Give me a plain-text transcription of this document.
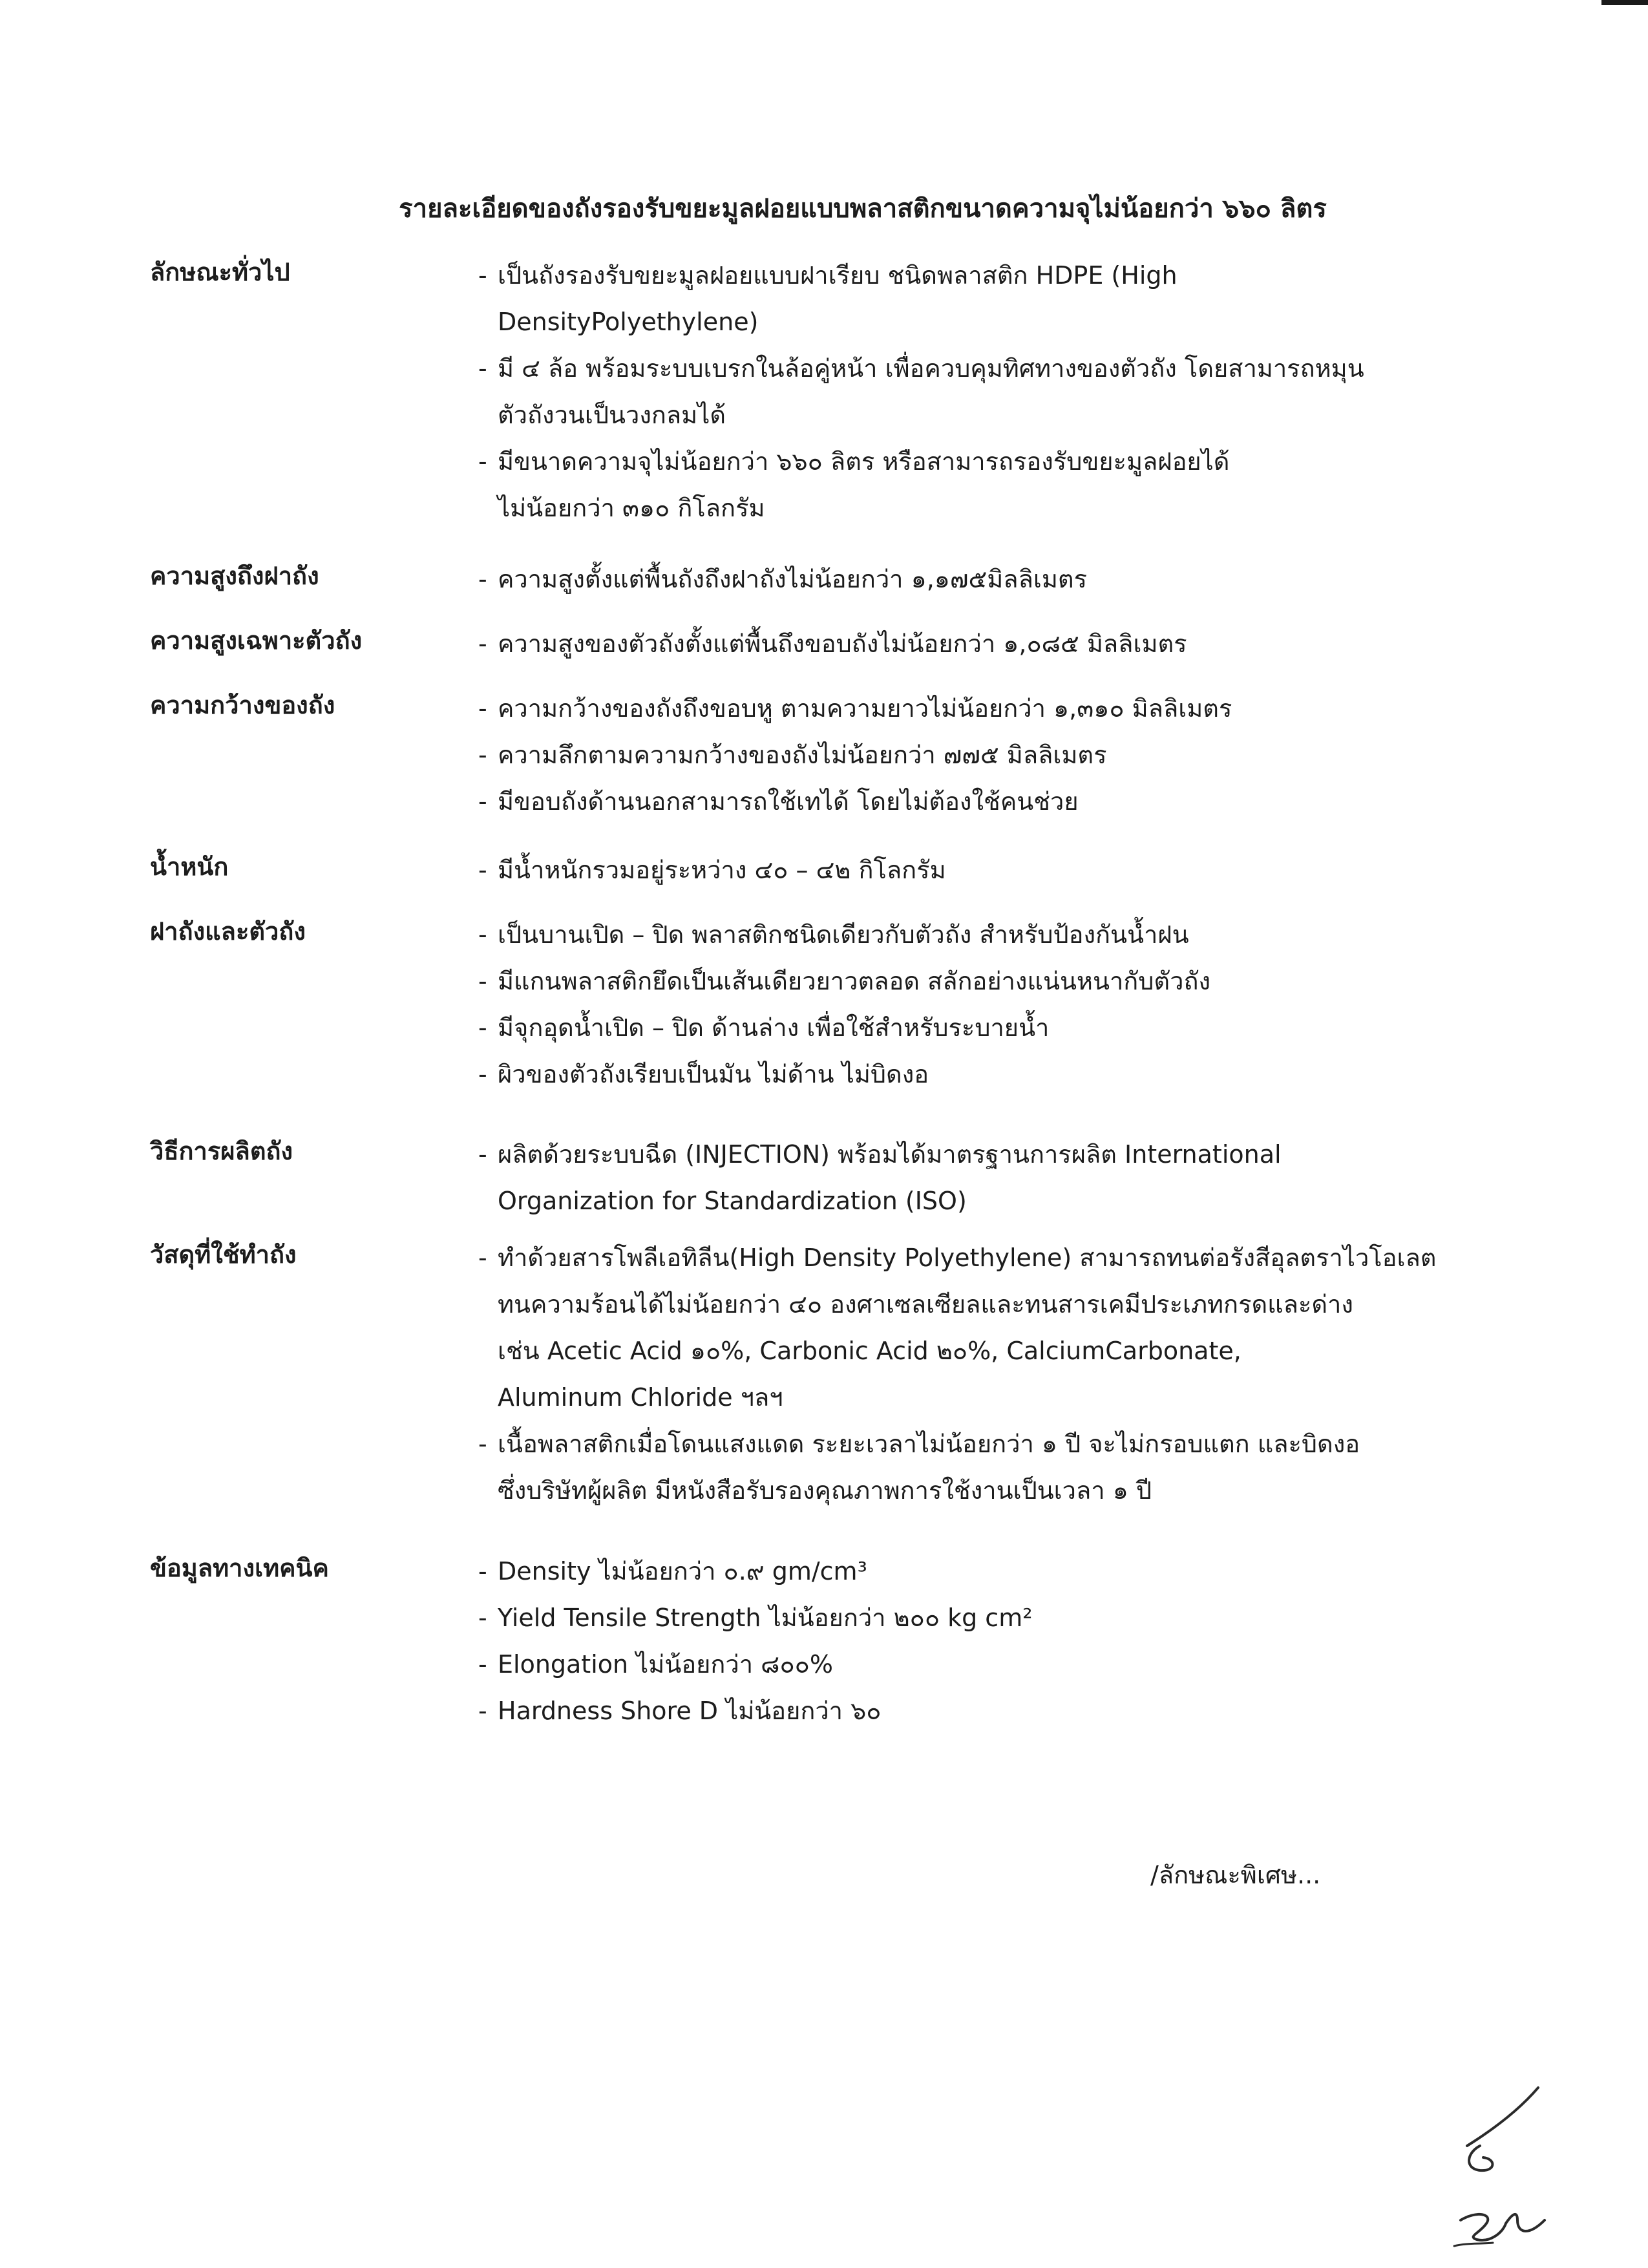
รายละเอียดของถังรองรับขยะมูลฝอยแบบพลาสติกขนาดความจุไม่น้อยกว่า ๖๖๐ ลิตร
ลักษณะทั่วไป	- เป็นถังรองรับขยะมูลฝอยแบบฝาเรียบ ชนิดพลาสติก HDPE (High
DensityPolyethylene)
- มี ๔ ล้อ พร้อมระบบเบรกในล้อคู่หน้า เพื่อควบคุมทิศทางของตัวถัง โดยสามารถหมุน
ตัวถังวนเป็นวงกลมได้
- มีขนาดความจุไม่น้อยกว่า ๖๖๐ ลิตร หรือสามารถรองรับขยะมูลฝอยได้
ไม่น้อยกว่า ๓๑๐ กิโลกรัม
ความสูงถึงฝาถัง	- ความสูงตั้งแต่พื้นถังถึงฝาถังไม่น้อยกว่า ๑,๑๗๕มิลลิเมตร
ความสูงเฉพาะตัวถัง	- ความสูงของตัวถังตั้งแต่พื้นถึงขอบถังไม่น้อยกว่า ๑,๐๘๕ มิลลิเมตร
ความกว้างของถัง	- ความกว้างของถังถึงขอบหู ตามความยาวไม่น้อยกว่า ๑,๓๑๐ มิลลิเมตร
- ความลึกตามความกว้างของถังไม่น้อยกว่า ๗๗๕ มิลลิเมตร
- มีขอบถังด้านนอกสามารถใช้เทได้ โดยไม่ต้องใช้คนช่วย
น้ำหนัก	- มีน้ำหนักรวมอยู่ระหว่าง ๔๐ – ๔๒ กิโลกรัม
ฝาถังและตัวถัง	- เป็นบานเปิด – ปิด พลาสติกชนิดเดียวกับตัวถัง สำหรับป้องกันน้ำฝน
- มีแกนพลาสติกยึดเป็นเส้นเดียวยาวตลอด สลักอย่างแน่นหนากับตัวถัง
- มีจุกอุดน้ำเปิด – ปิด ด้านล่าง เพื่อใช้สำหรับระบายน้ำ
- ผิวของตัวถังเรียบเป็นมัน ไม่ด้าน ไม่บิดงอ
วิธีการผลิตถัง	- ผลิตด้วยระบบฉีด (INJECTION) พร้อมได้มาตรฐานการผลิต International
Organization for Standardization (ISO)
วัสดุที่ใช้ทำถัง	- ทำด้วยสารโพลีเอทิลีน(High Density Polyethylene) สามารถทนต่อรังสีอุลตราไวโอเลต
ทนความร้อนได้ไม่น้อยกว่า ๔๐ องศาเซลเซียลและทนสารเคมีประเภทกรดและด่าง
เช่น Acetic Acid ๑๐%, Carbonic Acid ๒๐%, CalciumCarbonate,
Aluminum Chloride ฯลฯ
- เนื้อพลาสติกเมื่อโดนแสงแดด ระยะเวลาไม่น้อยกว่า ๑ ปี จะไม่กรอบแตก และบิดงอ
ซึ่งบริษัทผู้ผลิต มีหนังสือรับรองคุณภาพการใช้งานเป็นเวลา ๑ ปี
ข้อมูลทางเทคนิค	- Density ไม่น้อยกว่า ๐.๙ gm/cm³
- Yield Tensile Strength ไม่น้อยกว่า ๒๐๐ kg cm²
- Elongation ไม่น้อยกว่า ๘๐๐%
- Hardness Shore D ไม่น้อยกว่า ๖๐
/ลักษณะพิเศษ...
